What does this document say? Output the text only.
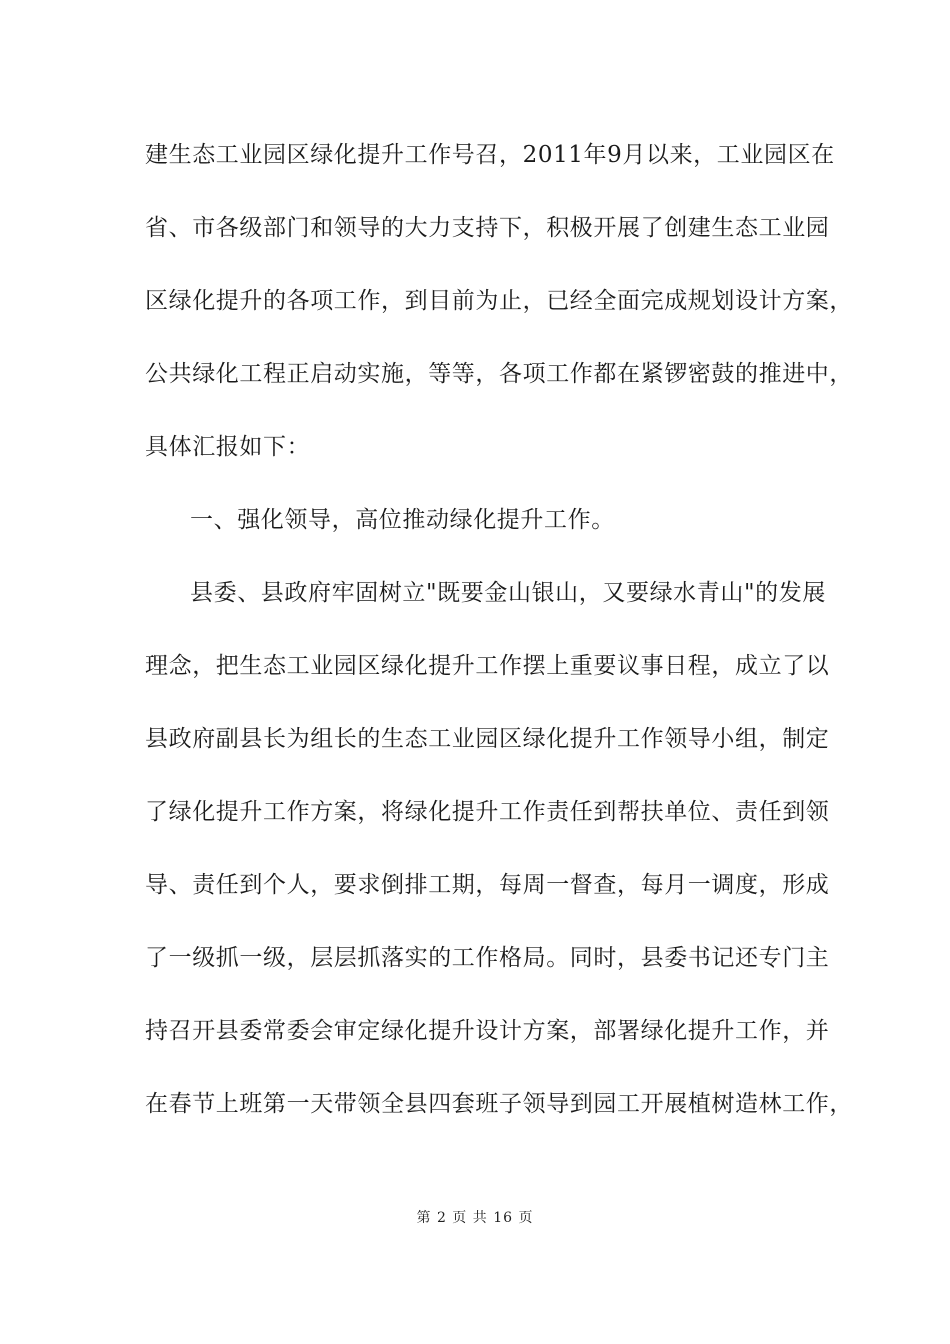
建生态工业园区绿化提升工作号召，2011年9月以来，工业园区在
省、市各级部门和领导的大力支持下，积极开展了创建生态工业园
区绿化提升的各项工作，到目前为止，已经全面完成规划设计方案，
公共绿化工程正启动实施，等等，各项工作都在紧锣密鼓的推进中，
具体汇报如下：
一、强化领导，高位推动绿化提升工作。
县委、县政府牢固树立"既要金山银山，又要绿水青山"的发展
理念，把生态工业园区绿化提升工作摆上重要议事日程，成立了以
县政府副县长为组长的生态工业园区绿化提升工作领导小组，制定
了绿化提升工作方案，将绿化提升工作责任到帮扶单位、责任到领
导、责任到个人，要求倒排工期，每周一督查，每月一调度，形成
了一级抓一级，层层抓落实的工作格局。同时，县委书记还专门主
持召开县委常委会审定绿化提升设计方案，部署绿化提升工作，并
在春节上班第一天带领全县四套班子领导到园工开展植树造林工作，
第 2 页 共 16 页
